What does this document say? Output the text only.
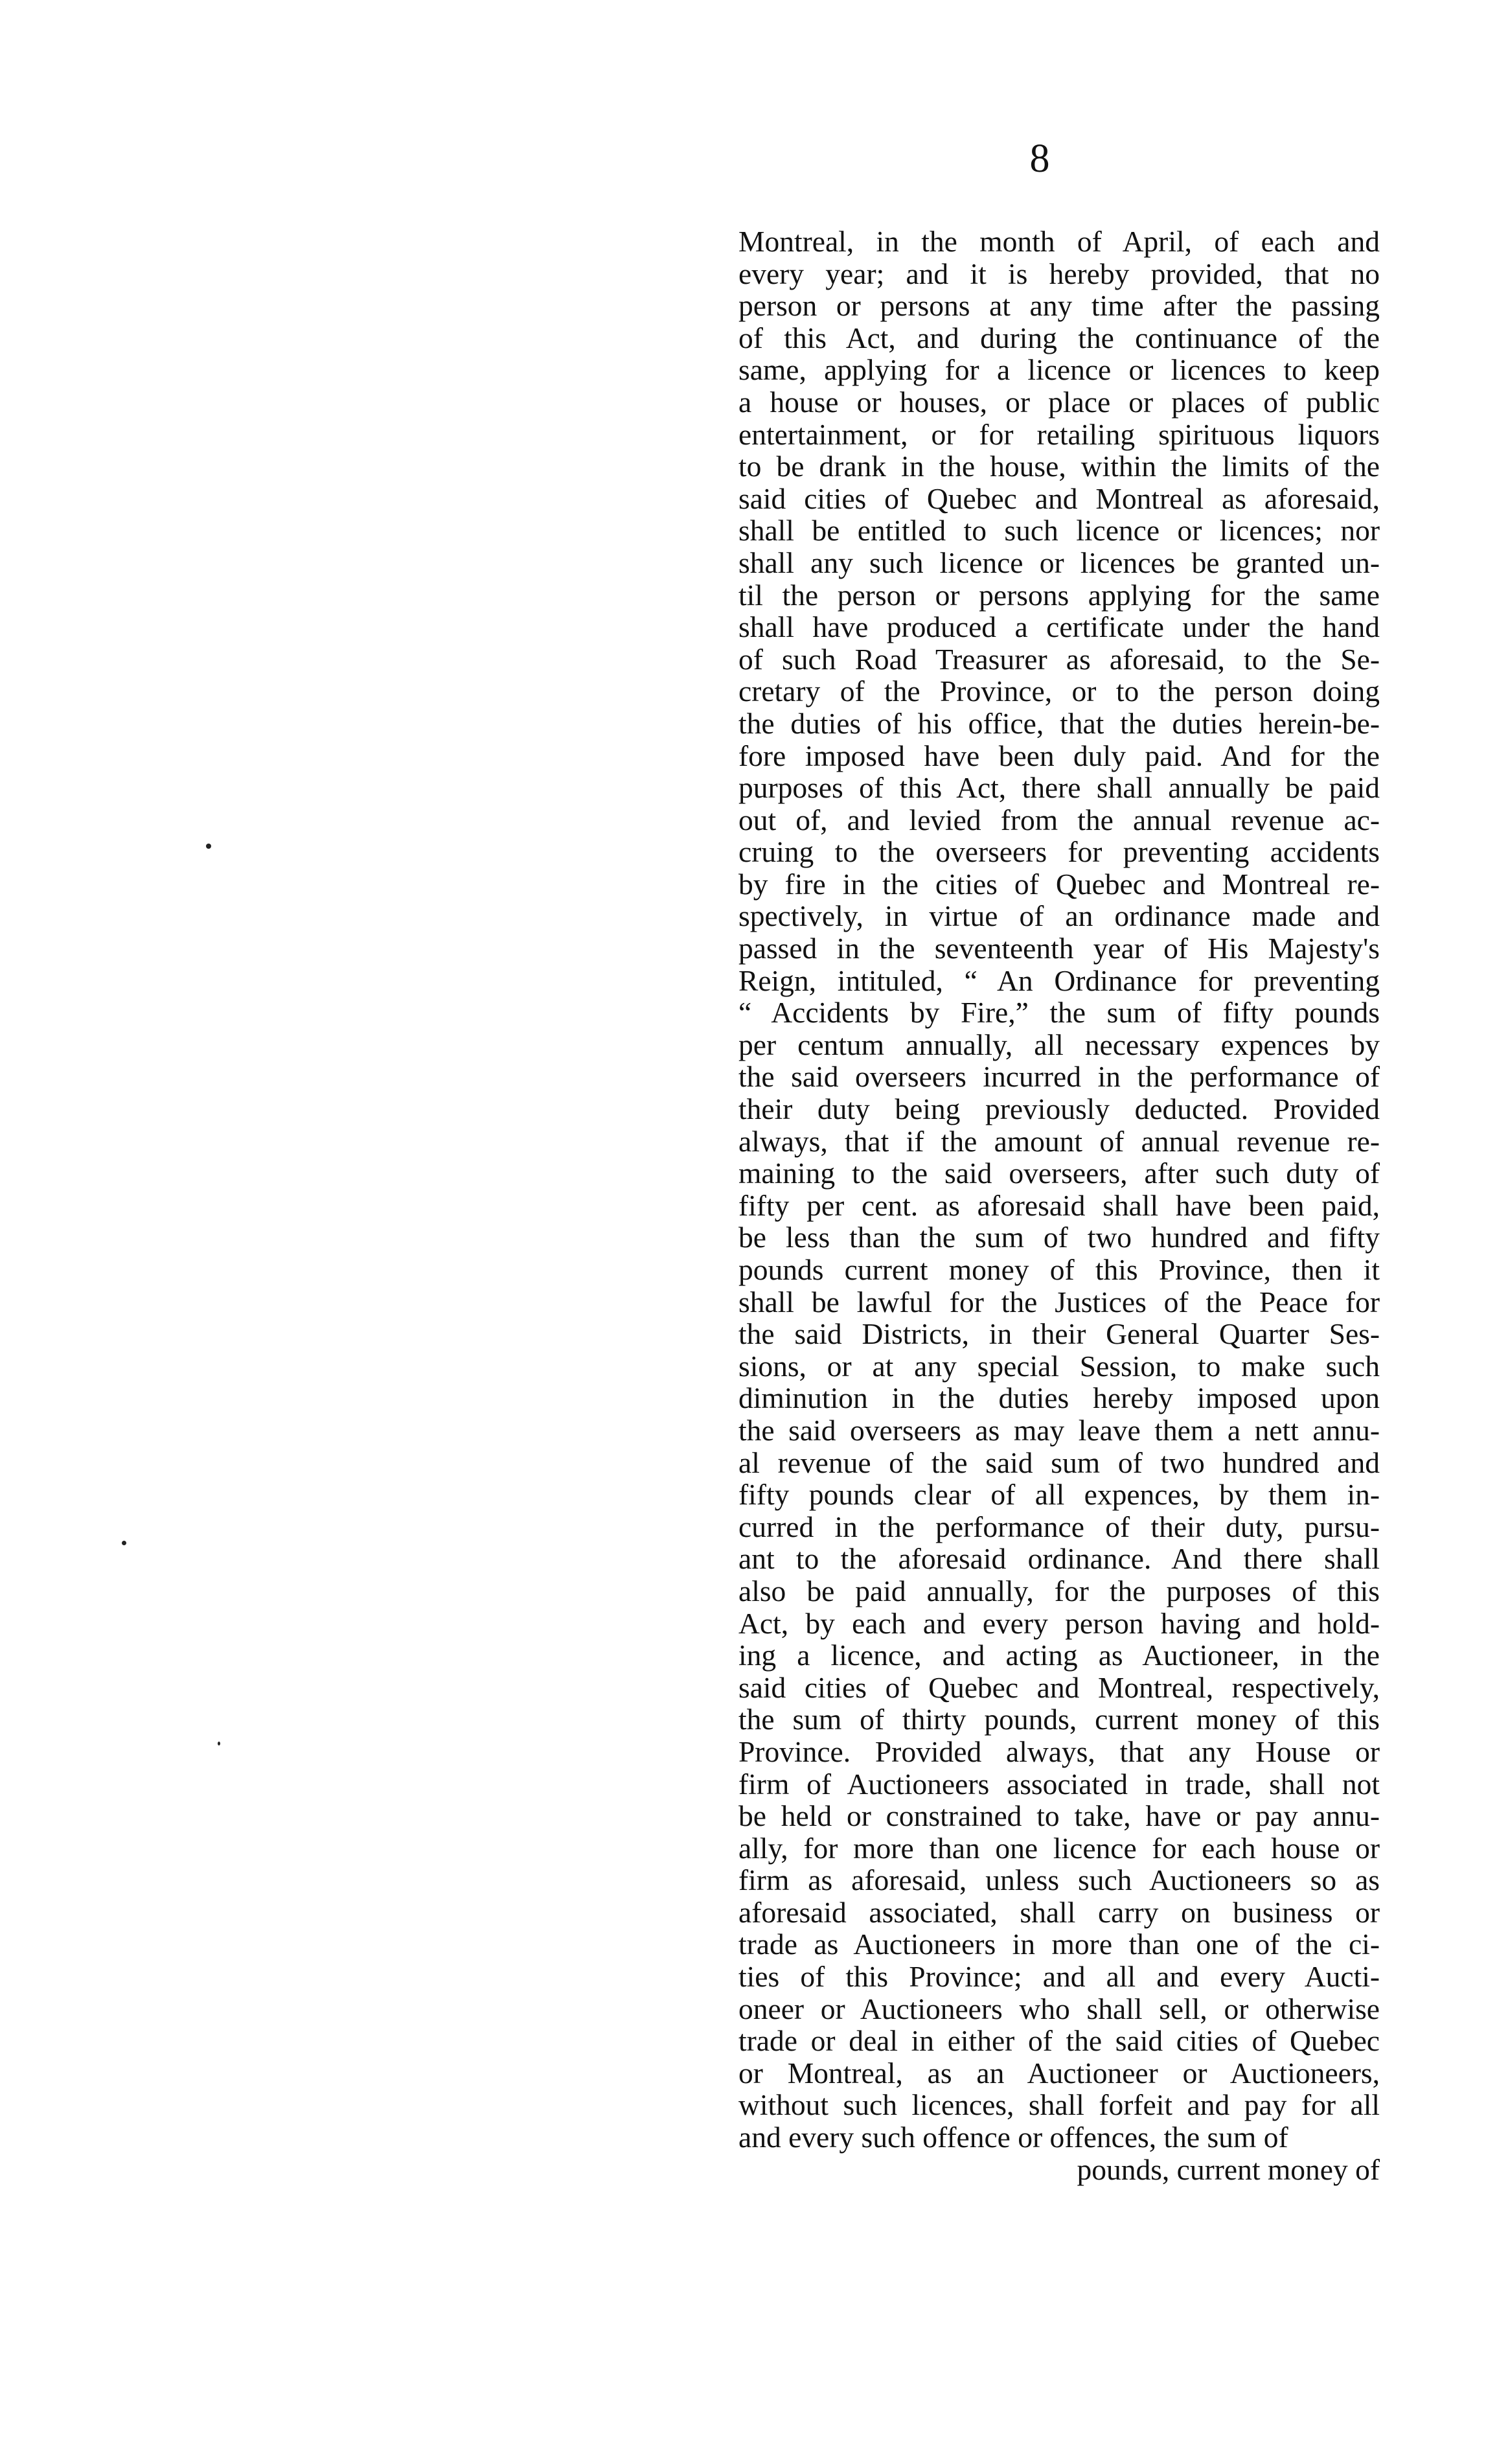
8
Montreal, in the month of April, of each and
every year; and it is hereby provided, that no
person or persons at any time after the passing
of this Act, and during the continuance of the
same, applying for a licence or licences to keep
a house or houses, or place or places of public
entertainment, or for retailing spirituous liquors
to be drank in the house, within the limits of the
said cities of Quebec and Montreal as aforesaid,
shall be entitled to such licence or licences; nor
shall any such licence or licences be granted un-
til the person or persons applying for the same
shall have produced a certificate under the hand
of such Road Treasurer as aforesaid, to the Se-
cretary of the Province, or to the person doing
the duties of his office, that the duties herein-be-
fore imposed have been duly paid. And for the
purposes of this Act, there shall annually be paid
out of, and levied from the annual revenue ac-
cruing to the overseers for preventing accidents
by fire in the cities of Quebec and Montreal re-
spectively, in virtue of an ordinance made and
passed in the seventeenth year of His Majesty's
Reign, intituled, “ An Ordinance for preventing
“ Accidents by Fire,” the sum of fifty pounds
per centum annually, all necessary expences by
the said overseers incurred in the performance of
their duty being previously deducted. Provided
always, that if the amount of annual revenue re-
maining to the said overseers, after such duty of
fifty per cent. as aforesaid shall have been paid,
be less than the sum of two hundred and fifty
pounds current money of this Province, then it
shall be lawful for the Justices of the Peace for
the said Districts, in their General Quarter Ses-
sions, or at any special Session, to make such
diminution in the duties hereby imposed upon
the said overseers as may leave them a nett annu-
al revenue of the said sum of two hundred and
fifty pounds clear of all expences, by them in-
curred in the performance of their duty, pursu-
ant to the aforesaid ordinance. And there shall
also be paid annually, for the purposes of this
Act, by each and every person having and hold-
ing a licence, and acting as Auctioneer, in the
said cities of Quebec and Montreal, respectively,
the sum of thirty pounds, current money of this
Province. Provided always, that any House or
firm of Auctioneers associated in trade, shall not
be held or constrained to take, have or pay annu-
ally, for more than one licence for each house or
firm as aforesaid, unless such Auctioneers so as
aforesaid associated, shall carry on business or
trade as Auctioneers in more than one of the ci-
ties of this Province; and all and every Aucti-
oneer or Auctioneers who shall sell, or otherwise
trade or deal in either of the said cities of Quebec
or Montreal, as an Auctioneer or Auctioneers,
without such licences, shall forfeit and pay for all
and every such offence or offences, the sum of
pounds, current money of
